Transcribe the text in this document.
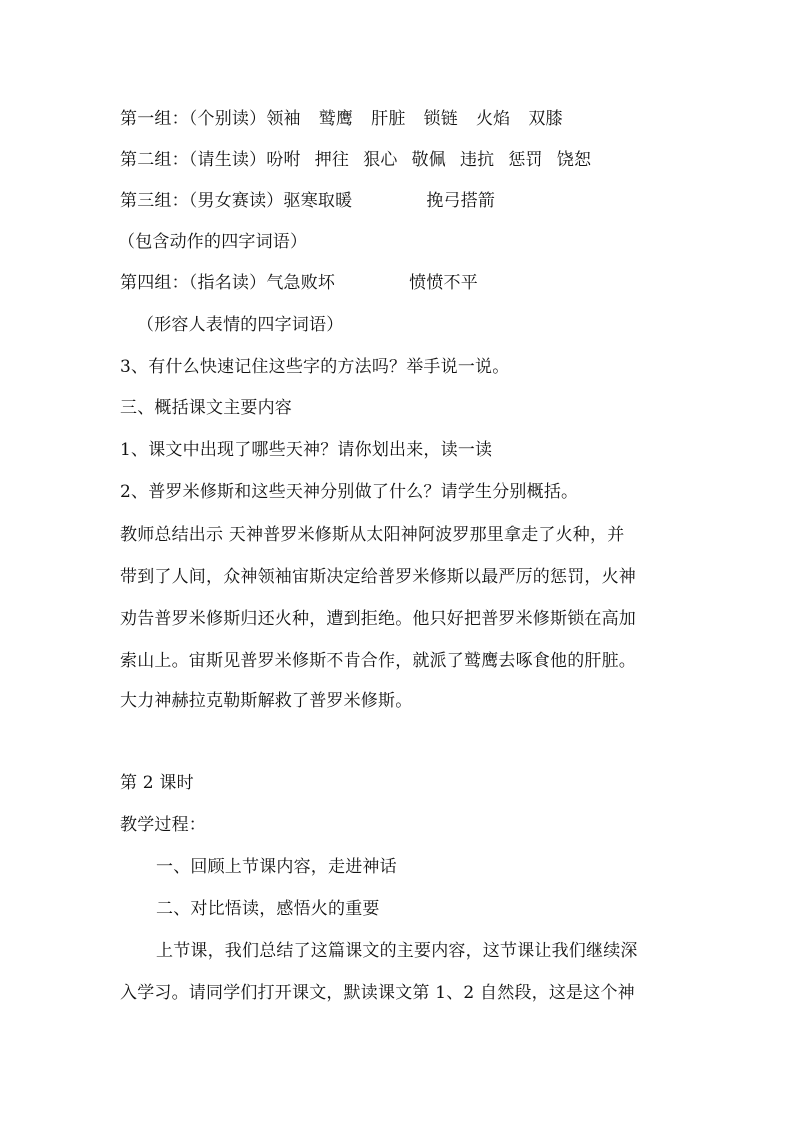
第一组：（个别读）领袖 鹫鹰 肝脏 锁链 火焰 双膝
第二组：（请生读）吩咐 押往 狠心 敬佩 违抗 惩罚 饶恕
第三组：（男女赛读）驱寒取暖	挽弓搭箭
（包含动作的四字词语）
第四组：（指名读）气急败坏	愤愤不平
（形容人表情的四字词语）
3、有什么快速记住这些字的方法吗？举手说一说。
三、概括课文主要内容
1、课文中出现了哪些天神？请你划出来，读一读
2、普罗米修斯和这些天神分别做了什么？请学生分别概括。
教师总结出示 天神普罗米修斯从太阳神阿波罗那里拿走了火种，并
带到了人间，众神领袖宙斯决定给普罗米修斯以最严厉的惩罚，火神
劝告普罗米修斯归还火种，遭到拒绝。他只好把普罗米修斯锁在高加
索山上。宙斯见普罗米修斯不肯合作，就派了鹫鹰去啄食他的肝脏。
大力神赫拉克勒斯解救了普罗米修斯。
第 2 课时
教学过程：
一、回顾上节课内容，走进神话
二、对比悟读，感悟火的重要
上节课，我们总结了这篇课文的主要内容，这节课让我们继续深
入学习。请同学们打开课文，默读课文第 1、2 自然段，这是这个神
